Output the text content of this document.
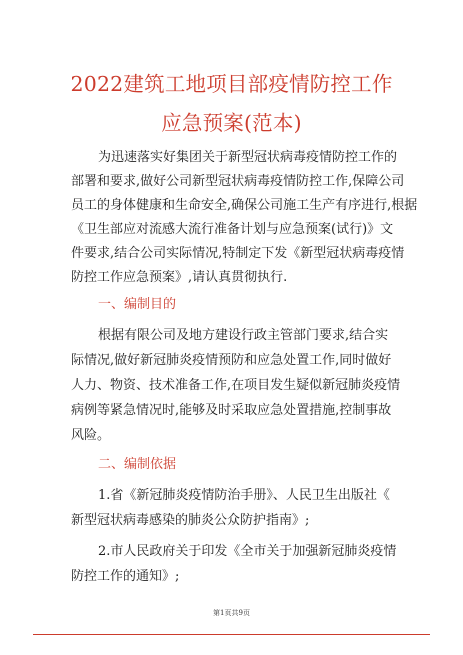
2022建筑工地项目部疫情防控工作
应急预案(范本)
为迅速落实好集团关于新型冠状病毒疫情防控工作的
部署和要求,做好公司新型冠状病毒疫情防控工作,保障公司
员工的身体健康和生命安全,确保公司施工生产有序进行,根据
《卫生部应对流感大流行准备计划与应急预案(试行)》文
件要求,结合公司实际情况,特制定下发《新型冠状病毒疫情
防控工作应急预案》,请认真贯彻执行.
一、编制目的
根据有限公司及地方建设行政主管部门要求,结合实
际情况,做好新冠肺炎疫情预防和应急处置工作,同时做好
人力、物资、技术准备工作,在项目发生疑似新冠肺炎疫情
病例等紧急情况时,能够及时采取应急处置措施,控制事故
风险。
二、编制依据
1.省《新冠肺炎疫情防治手册》、人民卫生出版社《
新型冠状病毒感染的肺炎公众防护指南》;
2.市人民政府关于印发《全市关于加强新冠肺炎疫情
防控工作的通知》;
第1页共9页
